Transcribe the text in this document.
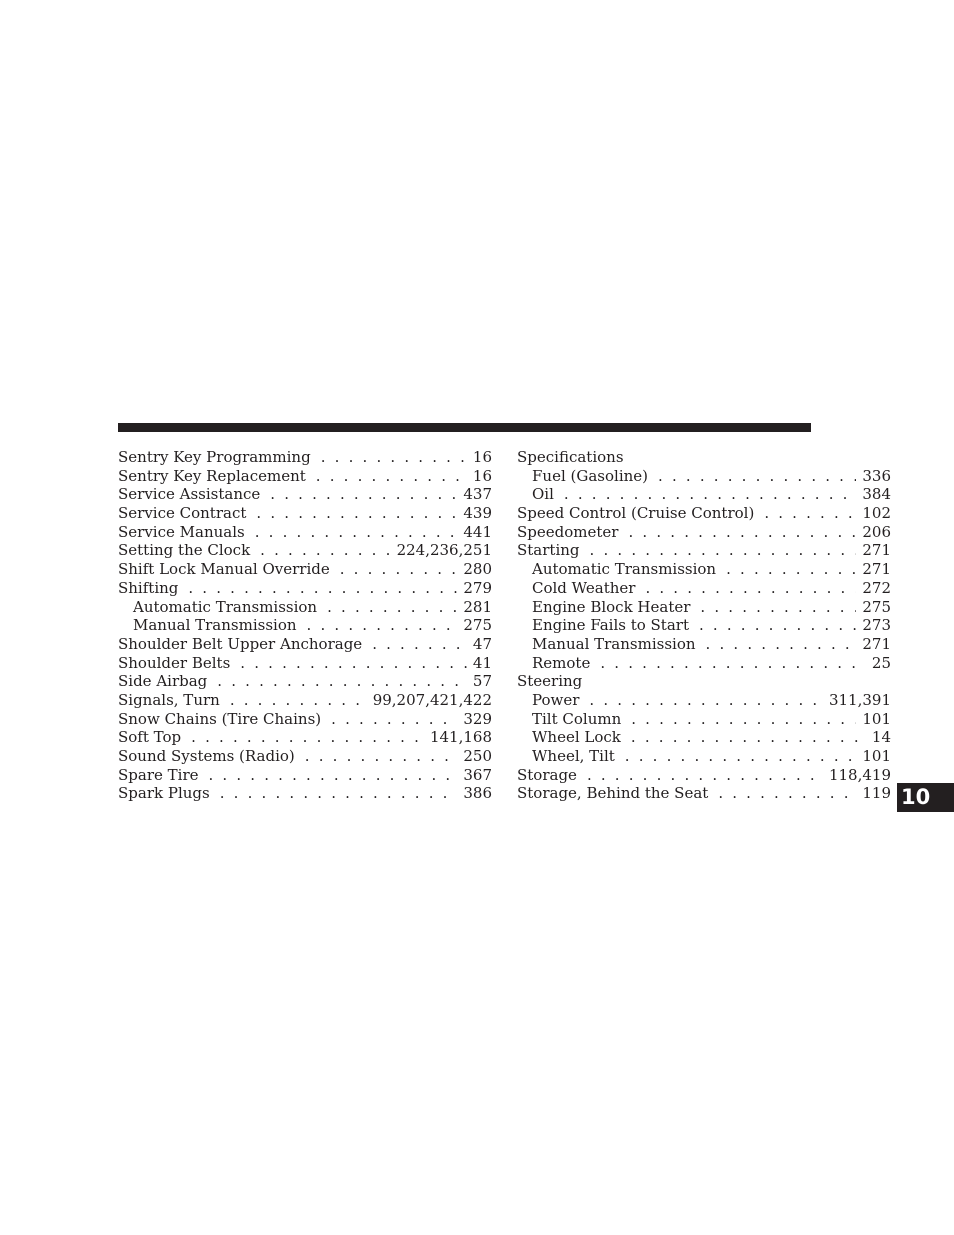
Sentry Key Programming . . .	16
Sentry Key Replacement . . .	16
Service Assistance . . .	437
Service Contract . . .	439
Service Manuals . . .	441
Setting the Clock . . .	224,236,251
Shift Lock Manual Override . . .	280
Shifting . . .	279
Automatic Transmission . . .	281
Manual Transmission . . .	275
Shoulder Belt Upper Anchorage . . .	47
Shoulder Belts . . .	41
Side Airbag . . .	57
Signals, Turn . . .	99,207,421,422
Snow Chains (Tire Chains) . . .	329
Soft Top . . .	141,168
Sound Systems (Radio) . . .	250
Spare Tire . . .	367
Spark Plugs . . .	386
Specifications
Fuel (Gasoline) . . .	336
Oil . . .	384
Speed Control (Cruise Control) . . .	102
Speedometer . . .	206
Starting . . .	271
Automatic Transmission . . .	271
Cold Weather . . .	272
Engine Block Heater . . .	275
Engine Fails to Start . . .	273
Manual Transmission . . .	271
Remote . . .	25
Steering
Power . . .	311,391
Tilt Column . . .	101
Wheel Lock . . .	14
Wheel, Tilt . . .	101
Storage . . .	118,419
Storage, Behind the Seat . . .	119 10
